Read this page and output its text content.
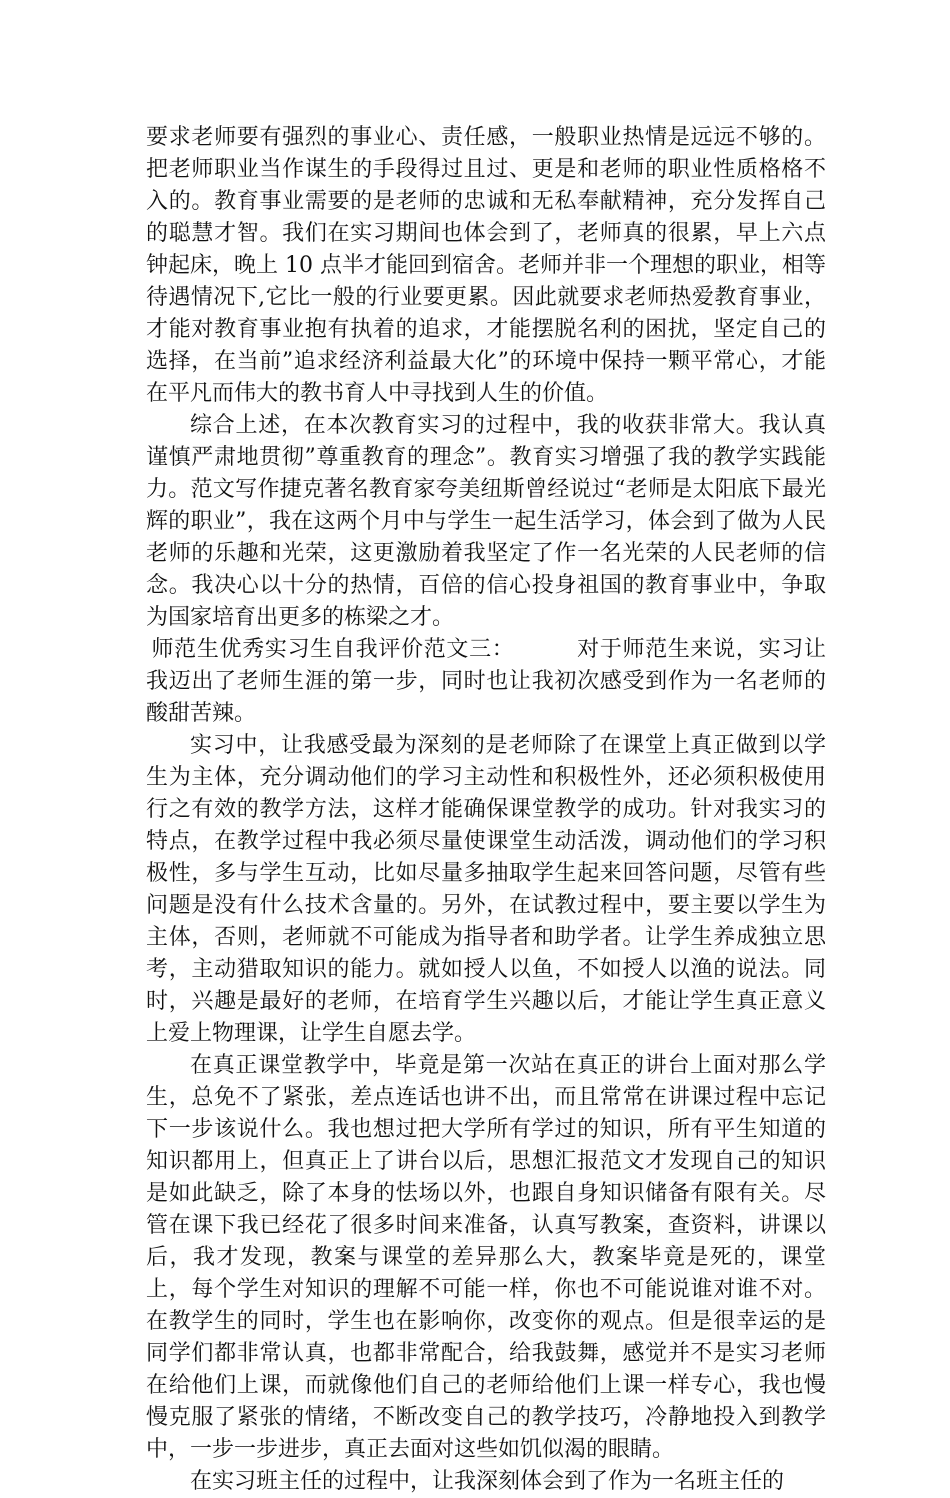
要求老师要有强烈的事业心、责任感，一般职业热情是远远不够的。把老师职业当作谋生的手段得过且过、更是和老师的职业性质格格不入的。教育事业需要的是老师的忠诚和无私奉献精神，充分发挥自己的聪慧才智。我们在实习期间也体会到了，老师真的很累，早上六点钟起床，晚上 10 点半才能回到宿舍。老师并非一个理想的职业，相等待遇情况下,它比一般的行业要更累。因此就要求老师热爱教育事业，才能对教育事业抱有执着的追求，才能摆脱名利的困扰，坚定自己的选择，在当前”追求经济利益最大化”的环境中保持一颗平常心，才能在平凡而伟大的教书育人中寻找到人生的价值。

综合上述，在本次教育实习的过程中，我的收获非常大。我认真谨慎严肃地贯彻”尊重教育的理念”。教育实习增强了我的教学实践能力。范文写作捷克著名教育家夸美纽斯曾经说过“老师是太阳底下最光辉的职业”，我在这两个月中与学生一起生活学习，体会到了做为人民老师的乐趣和光荣，这更激励着我坚定了作一名光荣的人民老师的信念。我决心以十分的热情，百倍的信心投身祖国的教育事业中，争取为国家培育出更多的栋梁之才。

师范生优秀实习生自我评价范文三：	对于师范生来说，实习让我迈出了老师生涯的第一步，同时也让我初次感受到作为一名老师的酸甜苦辣。

实习中，让我感受最为深刻的是老师除了在课堂上真正做到以学生为主体，充分调动他们的学习主动性和积极性外，还必须积极使用行之有效的教学方法，这样才能确保课堂教学的成功。针对我实习的特点，在教学过程中我必须尽量使课堂生动活泼，调动他们的学习积极性，多与学生互动，比如尽量多抽取学生起来回答问题，尽管有些问题是没有什么技术含量的。另外，在试教过程中，要主要以学生为主体，否则，老师就不可能成为指导者和助学者。让学生养成独立思考，主动猎取知识的能力。就如授人以鱼，不如授人以渔的说法。同时，兴趣是最好的老师，在培育学生兴趣以后，才能让学生真正意义上爱上物理课，让学生自愿去学。

在真正课堂教学中，毕竟是第一次站在真正的讲台上面对那么学生，总免不了紧张，差点连话也讲不出，而且常常在讲课过程中忘记下一步该说什么。我也想过把大学所有学过的知识，所有平生知道的知识都用上，但真正上了讲台以后，思想汇报范文才发现自己的知识是如此缺乏，除了本身的怯场以外，也跟自身知识储备有限有关。尽管在课下我已经花了很多时间来准备，认真写教案，查资料，讲课以后，我才发现，教案与课堂的差异那么大，教案毕竟是死的，课堂上，每个学生对知识的理解不可能一样，你也不可能说谁对谁不对。在教学生的同时，学生也在影响你，改变你的观点。但是很幸运的是同学们都非常认真，也都非常配合，给我鼓舞，感觉并不是实习老师在给他们上课，而就像他们自己的老师给他们上课一样专心，我也慢慢克服了紧张的情绪，不断改变自己的教学技巧，冷静地投入到教学中，一步一步进步，真正去面对这些如饥似渴的眼睛。

在实习班主任的过程中，让我深刻体会到了作为一名班主任的
